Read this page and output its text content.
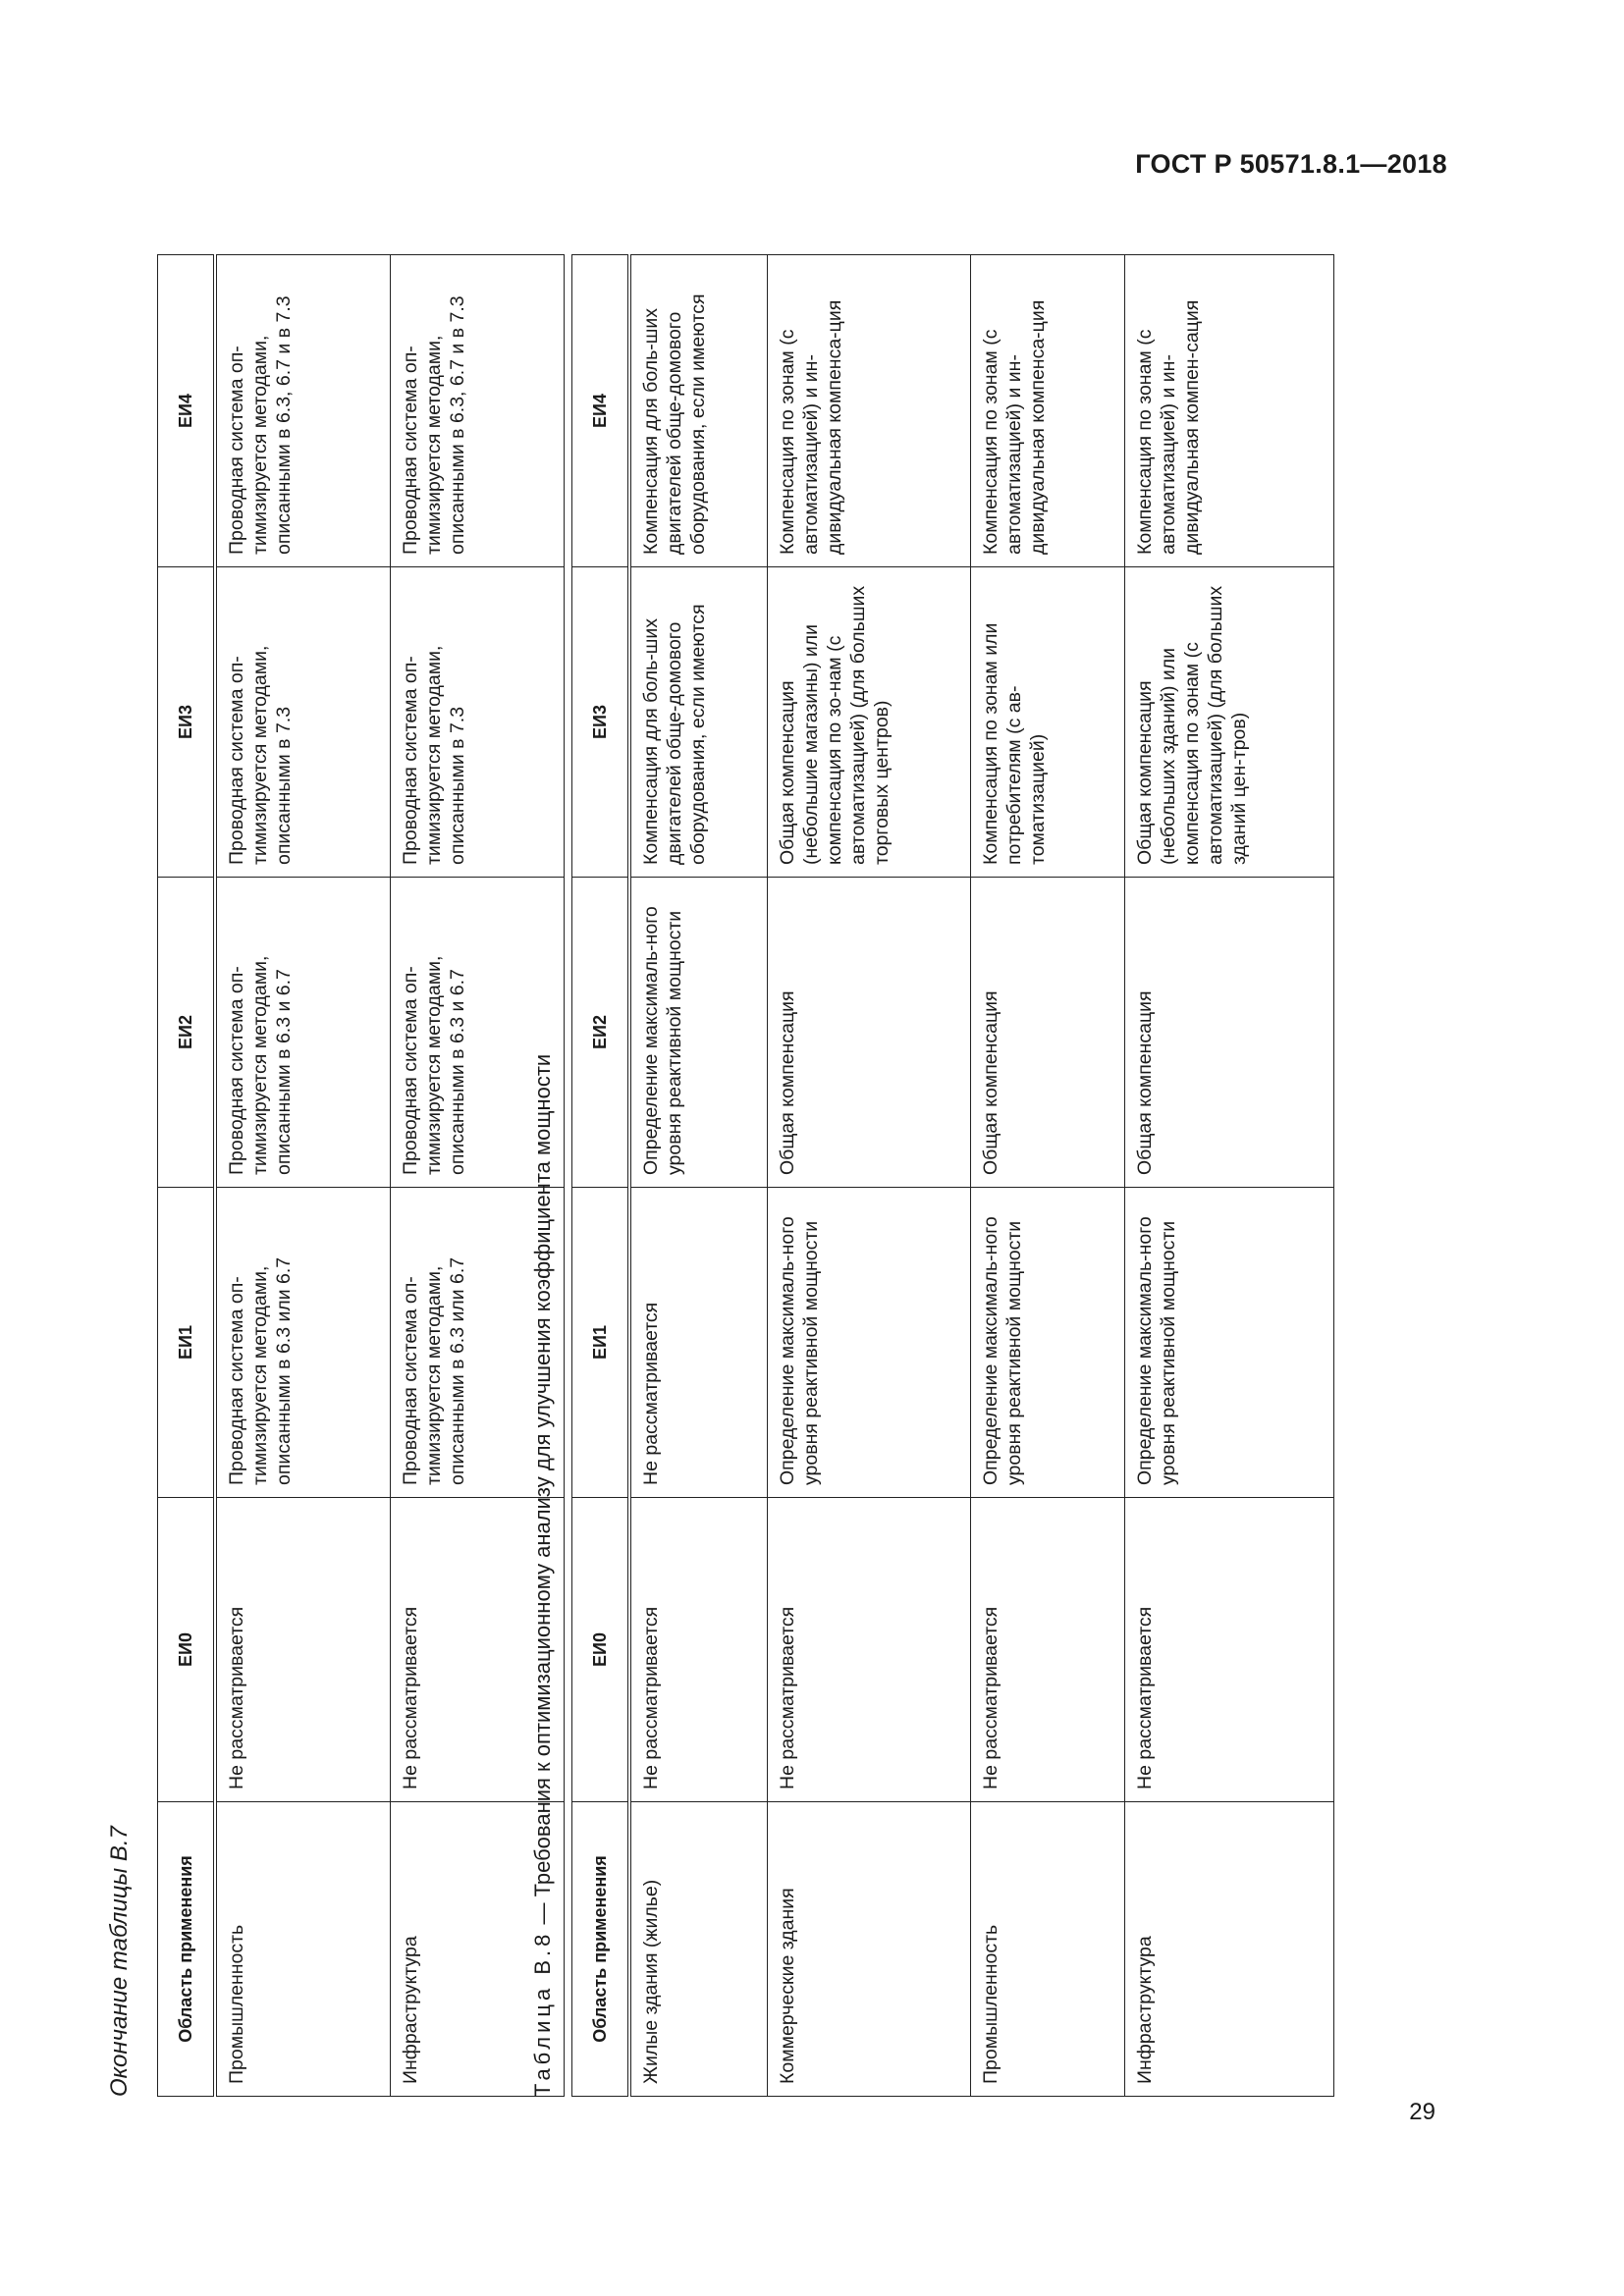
ГОСТ Р 50571.8.1—2018
Окончание таблицы В.7 Область применения	ЕИ0	ЕИ1	ЕИ2	ЕИ3	ЕИ4
Промышленность	Не рассматривается	Проводная система оп-тимизируется методами, описанными в 6.3 или 6.7	Проводная система оп-тимизируется методами, описанными в 6.3 и 6.7	Проводная система оп-тимизируется методами, описанными в 7.3	Проводная система оп-тимизируется методами, описанными в 6.3, 6.7 и в 7.3
Инфраструктура	Не рассматривается	Проводная система оп-тимизируется методами, описанными в 6.3 или 6.7	Проводная система оп-тимизируется методами, описанными в 6.3 и 6.7	Проводная система оп-тимизируется методами, описанными в 7.3	Проводная система оп-тимизируется методами, описанными в 6.3, 6.7 и в 7.3
Таблица В.8 — Требования к оптимизационному анализу для улучшения коэффициента мощности
Область применения	ЕИ0	ЕИ1	ЕИ2	ЕИ3	ЕИ4
Жилые здания (жилье)	Не рассматривается	Не рассматривается	Определение максималь-ного уровня реактивной мощности	Компенсация для боль-ших двигателей обще-домового оборудования, если имеются	Компенсация для боль-ших двигателей обще-домового оборудования, если имеются
Коммерческие здания	Не рассматривается	Определение максималь-ного уровня реактивной мощности	Общая компенсация	Общая компенсация (небольшие магазины) или компенсация по зо-нам (с автоматизацией) (для больших торговых центров)	Компенсация по зонам (с автоматизацией) и ин-дивидуальная компенса-ция
Промышленность	Не рассматривается	Определение максималь-ного уровня реактивной мощности	Общая компенсация	Компенсация по зонам или потребителям (с ав-томатизацией)	Компенсация по зонам (с автоматизацией) и ин-дивидуальная компенса-ция
Инфраструктура	Не рассматривается	Определение максималь-ного уровня реактивной мощности	Общая компенсация	Общая компенсация (небольших зданий) или компенсация по зонам (с автоматизацией) (для больших зданий цен-тров)	Компенсация по зонам (с автоматизацией) и ин-дивидуальная компен-сация
29
